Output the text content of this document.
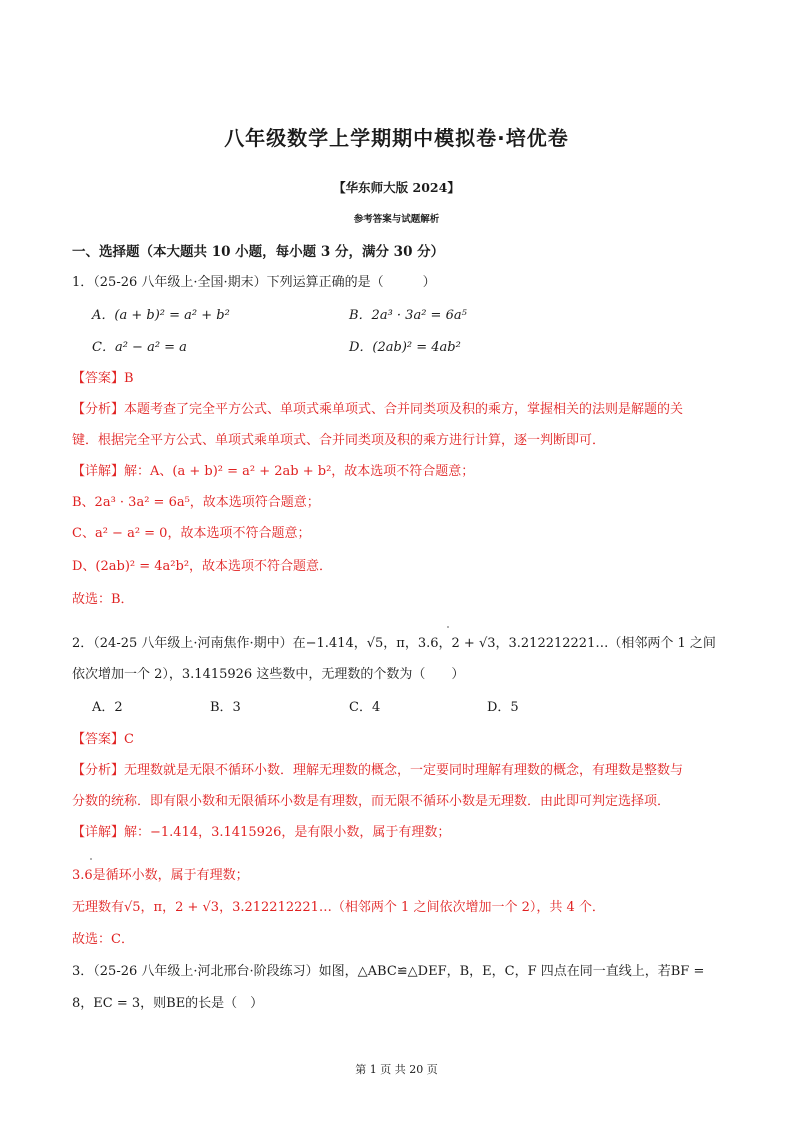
八年级数学上学期期中模拟卷·培优卷
【华东师大版 2024】
参考答案与试题解析
一、选择题（本大题共 10 小题，每小题 3 分，满分 30 分）
1．（25-26 八年级上·全国·期末）下列运算正确的是（　　　）
A．(a + b)² = a² + b²	B．2a³ · 3a² = 6a⁵
C．a² − a² = a	D．(2ab)² = 4ab²
【答案】B
【分析】本题考查了完全平方公式、单项式乘单项式、合并同类项及积的乘方，掌握相关的法则是解题的关
键．根据完全平方公式、单项式乘单项式、合并同类项及积的乘方进行计算，逐一判断即可．
【详解】解：A、(a + b)² = a² + 2ab + b²，故本选项不符合题意；
B、2a³ · 3a² = 6a⁵，故本选项符合题意；
C、a² − a² = 0，故本选项不符合题意；
D、(2ab)² = 4a²b²，故本选项不符合题意．
故选：B．
2．（24-25 八年级上·河南焦作·期中）在−1.414，√5，π，3.6，2 + √3，3.212212221…（相邻两个 1 之间
依次增加一个 2），3.1415926 这些数中，无理数的个数为（　　）
A．2	B．3	C．4	D．5
【答案】C
【分析】无理数就是无限不循环小数．理解无理数的概念，一定要同时理解有理数的概念，有理数是整数与
分数的统称．即有限小数和无限循环小数是有理数，而无限不循环小数是无理数．由此即可判定选择项．
【详解】解：−1.414，3.1415926，是有限小数，属于有理数；
3.6是循环小数，属于有理数；
无理数有√5，π，2 + √3，3.212212221…（相邻两个 1 之间依次增加一个 2），共 4 个．
故选：C．
3．（25-26 八年级上·河北邢台·阶段练习）如图，△ABC≌△DEF，B，E，C，F 四点在同一直线上，若BF =
8，EC = 3，则BE的长是（　）
第 1 页 共 20 页
